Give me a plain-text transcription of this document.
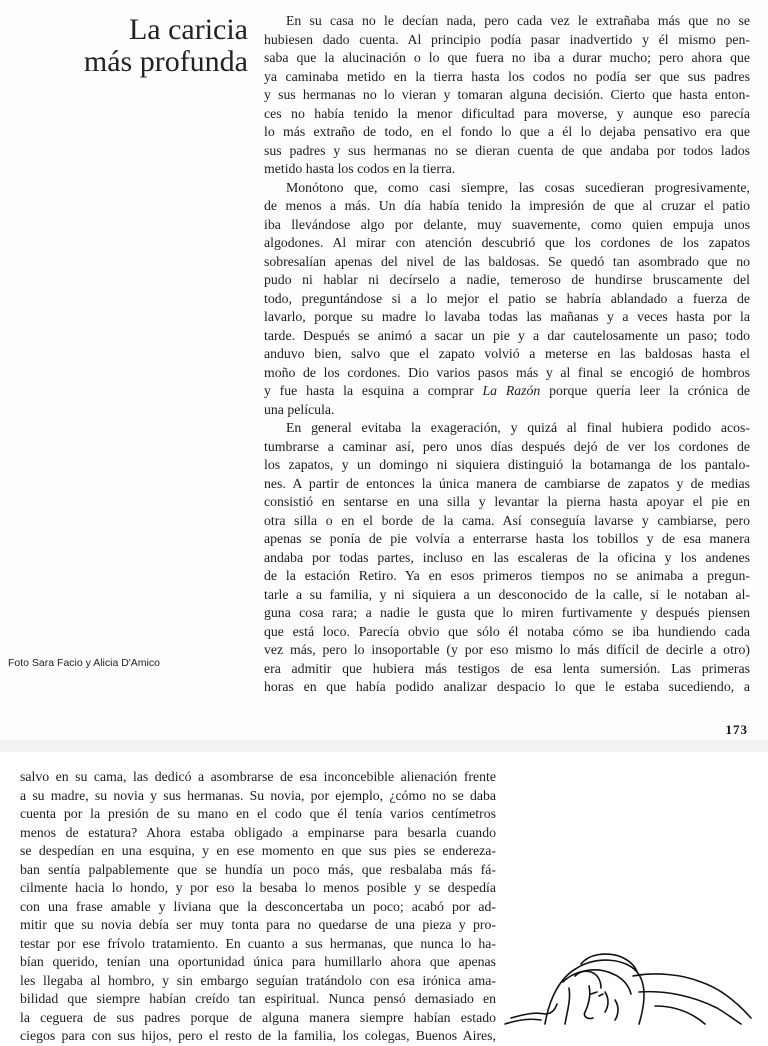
La caricia
más profunda
Foto Sara Facio y Alicia D'Amico
En su casa no le decían nada, pero cada vez le extrañaba más que no se
hubiesen dado cuenta. Al principio podía pasar inadvertido y él mismo pen-
saba que la alucinación o lo que fuera no iba a durar mucho; pero ahora que
ya caminaba metido en la tierra hasta los codos no podía ser que sus padres
y sus hermanas no lo vieran y tomaran alguna decisión. Cierto que hasta enton-
ces no había tenido la menor dificultad para moverse, y aunque eso parecía
lo más extraño de todo, en el fondo lo que a él lo dejaba pensativo era que
sus padres y sus hermanas no se dieran cuenta de que andaba por todos lados
metido hasta los codos en la tierra.
Monótono que, como casi siempre, las cosas sucedieran progresivamente,
de menos a más. Un día había tenido la impresión de que al cruzar el patio
iba llevándose algo por delante, muy suavemente, como quien empuja unos
algodones. Al mirar con atención descubrió que los cordones de los zapatos
sobresalían apenas del nivel de las baldosas. Se quedó tan asombrado que no
pudo ni hablar ni decírselo a nadie, temeroso de hundirse bruscamente del
todo, preguntándose si a lo mejor el patio se habría ablandado a fuerza de
lavarlo, porque su madre lo lavaba todas las mañanas y a veces hasta por la
tarde. Después se animó a sacar un pie y a dar cautelosamente un paso; todo
anduvo bien, salvo que el zapato volvió a meterse en las baldosas hasta el
moño de los cordones. Dio varios pasos más y al final se encogió de hombros
y fue hasta la esquina a comprar La Razón porque quería leer la crónica de
una película.
En general evitaba la exageración, y quizá al final hubiera podido acos-
tumbrarse a caminar así, pero unos días después dejó de ver los cordones de
los zapatos, y un domingo ni siquiera distinguió la botamanga de los pantalo-
nes. A partir de entonces la única manera de cambiarse de zapatos y de medias
consistió en sentarse en una silla y levantar la pierna hasta apoyar el pie en
otra silla o en el borde de la cama. Así conseguía lavarse y cambiarse, pero
apenas se ponía de pie volvía a enterrarse hasta los tobillos y de esa manera
andaba por todas partes, incluso en las escaleras de la oficina y los andenes
de la estación Retiro. Ya en esos primeros tiempos no se animaba a pregun-
tarle a su familia, y ni siquiera a un desconocido de la calle, si le notaban al-
guna cosa rara; a nadie le gusta que lo miren furtivamente y después piensen
que está loco. Parecía obvio que sólo él notaba cómo se iba hundiendo cada
vez más, pero lo insoportable (y por eso mismo lo más difícil de decirle a otro)
era admitir que hubiera más testigos de esa lenta sumersión. Las primeras
horas en que había podido analizar despacio lo que le estaba sucediendo, a
173
salvo en su cama, las dedicó a asombrarse de esa inconcebible alienación frente
a su madre, su novia y sus hermanas. Su novia, por ejemplo, ¿cómo no se daba
cuenta por la presión de su mano en el codo que él tenía varios centímetros
menos de estatura? Ahora estaba obligado a empinarse para besarla cuando
se despedían en una esquina, y en ese momento en que sus pies se endereza-
ban sentía palpablemente que se hundía un poco más, que resbalaba más fá-
cilmente hacia lo hondo, y por eso la besaba lo menos posible y se despedía
con una frase amable y liviana que la desconcertaba un poco; acabó por ad-
mitir que su novia debía ser muy tonta para no quedarse de una pieza y pro-
testar por ese frívolo tratamiento. En cuanto a sus hermanas, que nunca lo ha-
bían querido, tenían una oportunidad única para humillarlo ahora que apenas
les llegaba al hombro, y sin embargo seguían tratándolo con esa irónica ama-
bilidad que siempre habían creído tan espiritual. Nunca pensó demasiado en
la ceguera de sus padres porque de alguna manera siempre habían estado
ciegos para con sus hijos, pero el resto de la familia, los colegas, Buenos Aires,
